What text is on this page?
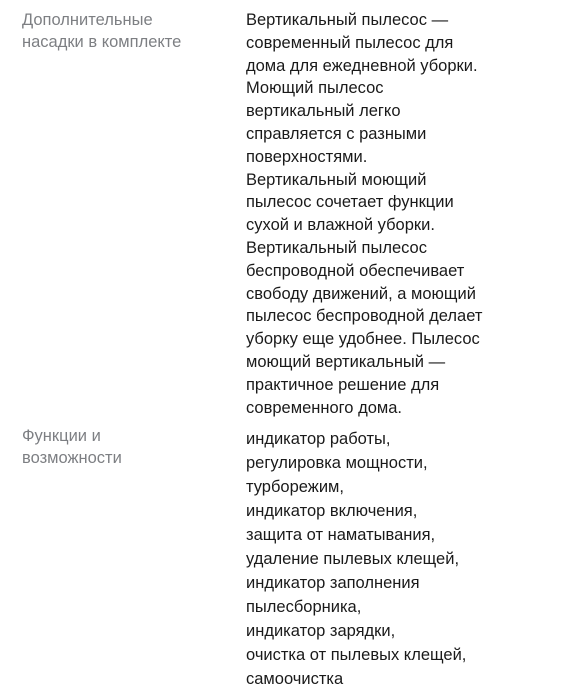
Дополнительные
насадки в комплекте

Вертикальный пылесос —
современный пылесос для
дома для ежедневной уборки.
Моющий пылесос
вертикальный легко
справляется с разными
поверхностями.
Вертикальный моющий
пылесос сочетает функции
сухой и влажной уборки.
Вертикальный пылесос
беспроводной обеспечивает
свободу движений, а моющий
пылесос беспроводной делает
уборку еще удобнее. Пылесос
моющий вертикальный —
практичное решение для
современного дома.

Функции и
возможности
индикатор работы,
регулировка мощности,
турборежим,
индикатор включения,
защита от наматывания,
удаление пылевых клещей,
индикатор заполнения
пылесборника,
индикатор зарядки,
очистка от пылевых клещей,
самоочистка
